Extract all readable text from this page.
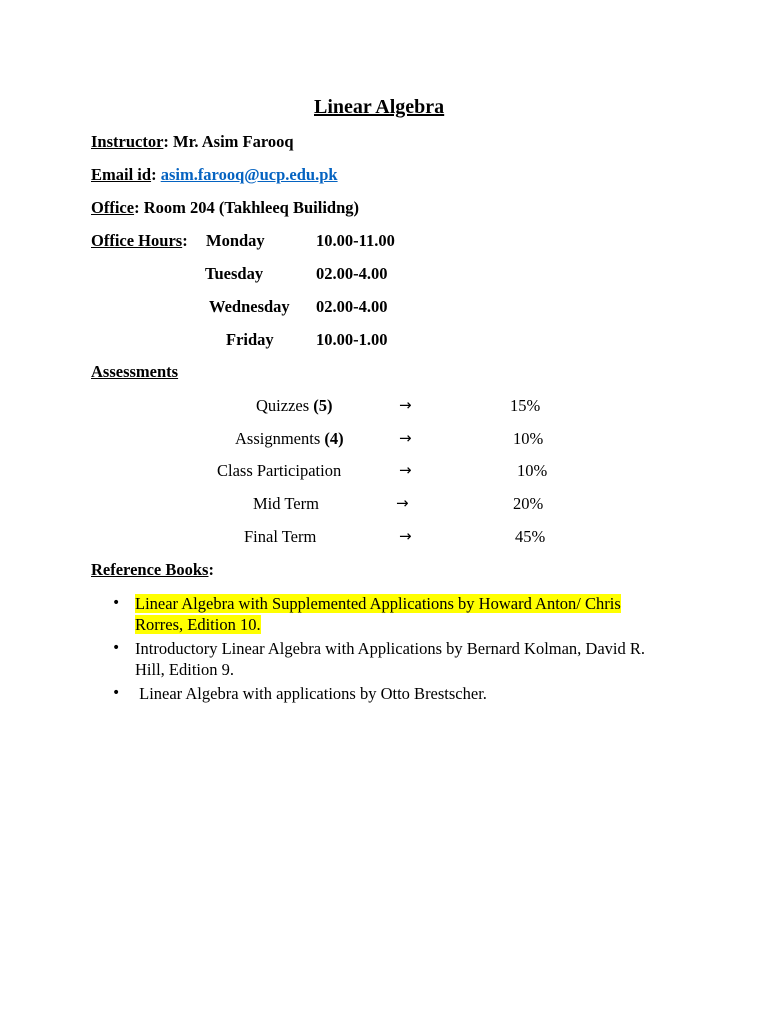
Linear Algebra
Instructor: Mr. Asim Farooq
Email id: asim.farooq@ucp.edu.pk
Office: Room 204 (Takhleeq Builidng)
Office Hours: Monday	10.00-11.00
Tuesday	02.00-4.00
Wednesday 02.00-4.00
Friday	10.00-1.00
Assessments
Quizzes (5)	→	15%
Assignments (4)	→	10%
Class Participation	→	10%
Mid Term	→	20%
Final Term	→	45%
Reference Books:
• Linear Algebra with Supplemented Applications by Howard Anton/ Chris Rorres, Edition 10.
• Introductory Linear Algebra with Applications by Bernard Kolman, David R. Hill, Edition 9.
• Linear Algebra with applications by Otto Brestscher.
